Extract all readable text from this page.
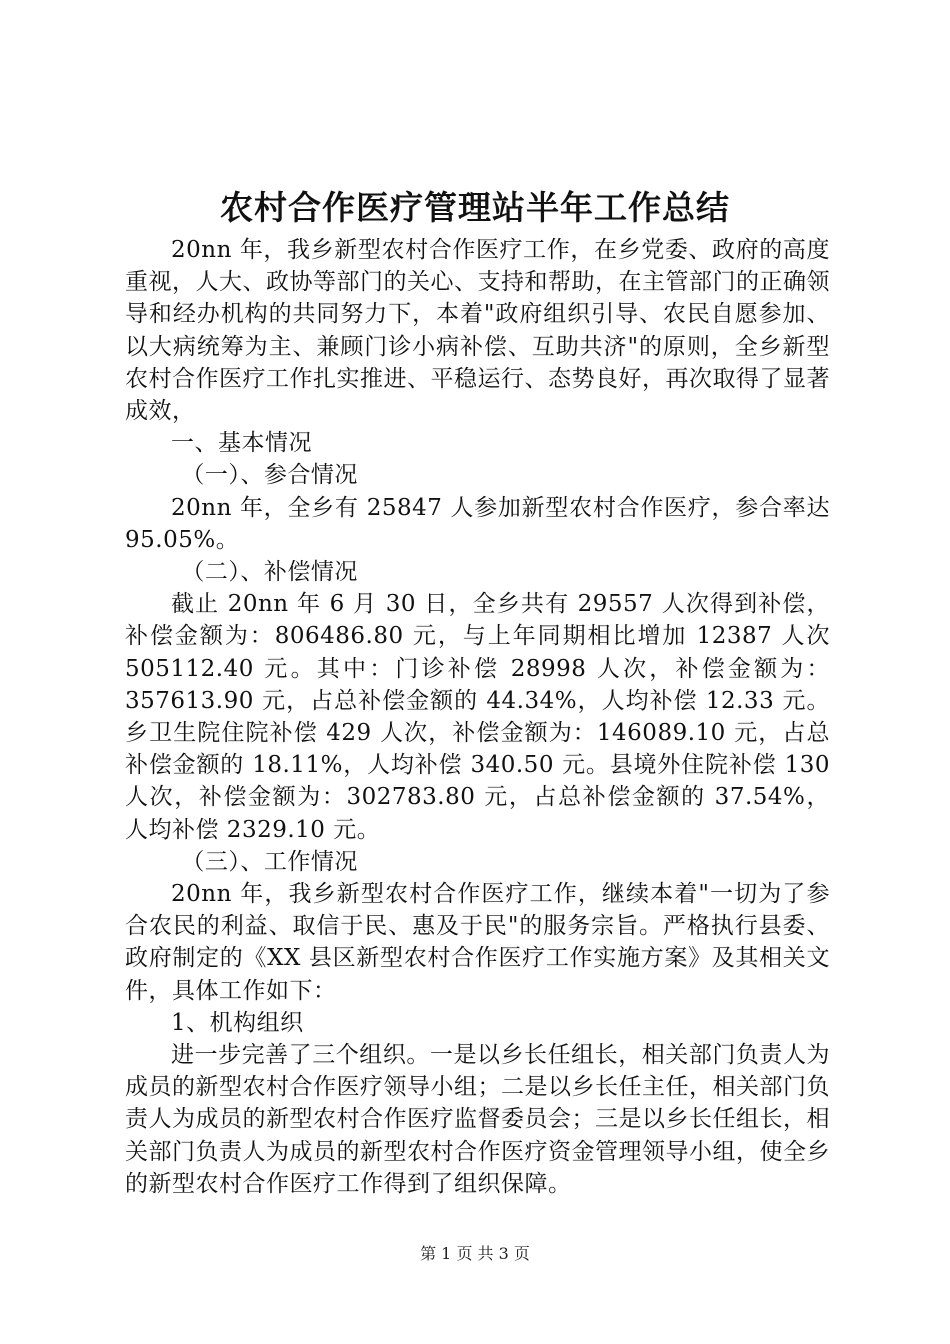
农村合作医疗管理站半年工作总结

20nn 年，我乡新型农村合作医疗工作，在乡党委、政府的高度重视，人大、政协等部门的关心、支持和帮助，在主管部门的正确领导和经办机构的共同努力下，本着"政府组织引导、农民自愿参加、以大病统筹为主、兼顾门诊小病补偿、互助共济"的原则，全乡新型农村合作医疗工作扎实推进、平稳运行、态势良好，再次取得了显著成效，

一、基本情况

（一）、参合情况

20nn 年，全乡有 25847 人参加新型农村合作医疗，参合率达 95.05%。

（二）、补偿情况

截止 20nn 年 6 月 30 日，全乡共有 29557 人次得到补偿，补偿金额为：806486.80 元，与上年同期相比增加 12387 人次505112.40 元。其中：门诊补偿 28998 人次，补偿金额为：357613.90 元，占总补偿金额的 44.34%，人均补偿 12.33 元。乡卫生院住院补偿 429 人次，补偿金额为：146089.10 元，占总补偿金额的 18.11%，人均补偿 340.50 元。县境外住院补偿 130人次，补偿金额为：302783.80 元，占总补偿金额的 37.54%，人均补偿 2329.10 元。

（三）、工作情况

20nn 年，我乡新型农村合作医疗工作，继续本着"一切为了参合农民的利益、取信于民、惠及于民"的服务宗旨。严格执行县委、政府制定的《XX 县区新型农村合作医疗工作实施方案》及其相关文件，具体工作如下：

1、机构组织

进一步完善了三个组织。一是以乡长任组长，相关部门负责人为成员的新型农村合作医疗领导小组；二是以乡长任主任，相关部门负责人为成员的新型农村合作医疗监督委员会；三是以乡长任组长，相关部门负责人为成员的新型农村合作医疗资金管理领导小组，使全乡的新型农村合作医疗工作得到了组织保障。

第 1 页 共 3 页
